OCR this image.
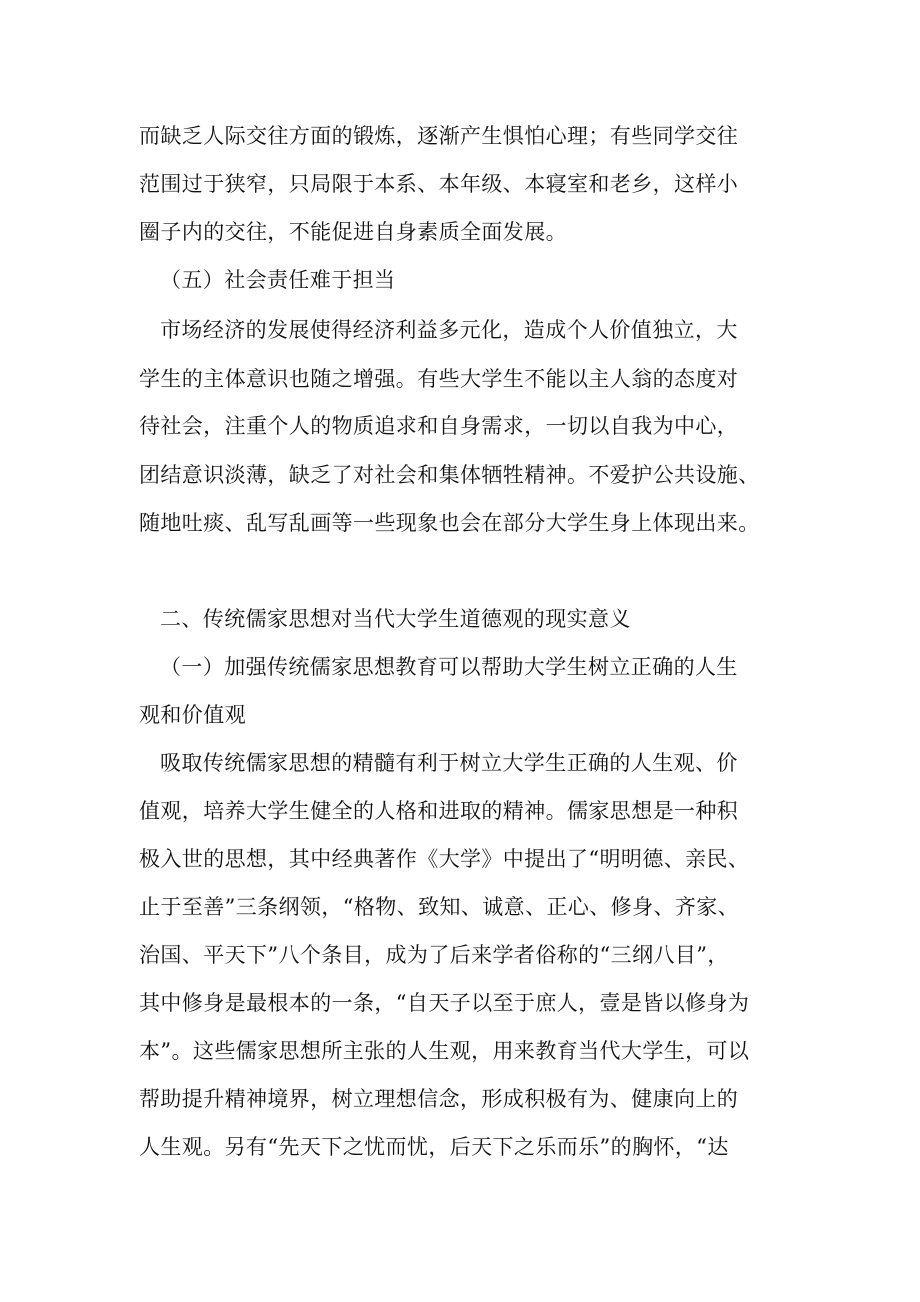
而缺乏人际交往方面的锻炼，逐渐产生惧怕心理；有些同学交往
范围过于狭窄，只局限于本系、本年级、本寝室和老乡，这样小
圈子内的交往，不能促进自身素质全面发展。
（五）社会责任难于担当
市场经济的发展使得经济利益多元化，造成个人价值独立，大
学生的主体意识也随之增强。有些大学生不能以主人翁的态度对
待社会，注重个人的物质追求和自身需求，一切以自我为中心，
团结意识淡薄，缺乏了对社会和集体牺牲精神。不爱护公共设施、
随地吐痰、乱写乱画等一些现象也会在部分大学生身上体现出来。
二、传统儒家思想对当代大学生道德观的现实意义
（一）加强传统儒家思想教育可以帮助大学生树立正确的人生
观和价值观
吸取传统儒家思想的精髓有利于树立大学生正确的人生观、价
值观，培养大学生健全的人格和进取的精神。儒家思想是一种积
极入世的思想，其中经典著作《大学》中提出了“明明德、亲民、
止于至善”三条纲领，“格物、致知、诚意、正心、修身、齐家、
治国、平天下”八个条目，成为了后来学者俗称的“三纲八目”，
其中修身是最根本的一条，“自天子以至于庶人，壹是皆以修身为
本”。这些儒家思想所主张的人生观，用来教育当代大学生，可以
帮助提升精神境界，树立理想信念，形成积极有为、健康向上的
人生观。另有“先天下之忧而忧，后天下之乐而乐”的胸怀，“达
